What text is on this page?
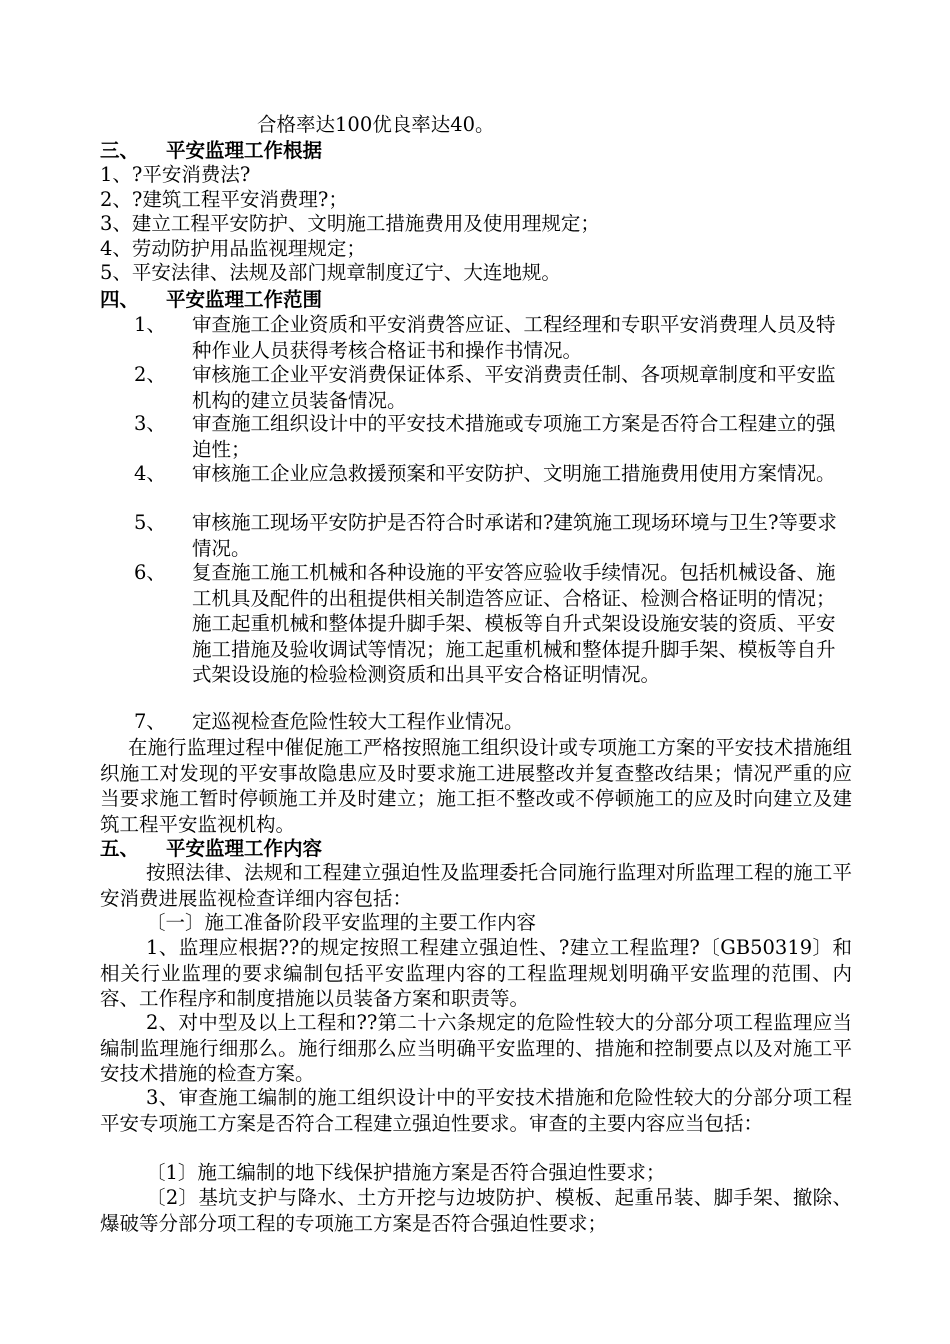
合格率达100优良率达40。
三、 平安监理工作根据
1、?平安消费法?
2、?建筑工程平安消费理?；
3、建立工程平安防护、文明施工措施费用及使用理规定；
4、劳动防护用品监视理规定；
5、平安法律、法规及部门规章制度辽宁、大连地规。
四、 平安监理工作范围
1、 审查施工企业资质和平安消费答应证、工程经理和专职平安消费理人员及特种作业人员获得考核合格证书和操作书情况。
2、 审核施工企业平安消费保证体系、平安消费责任制、各项规章制度和平安监机构的建立员装备情况。
3、 审查施工组织设计中的平安技术措施或专项施工方案是否符合工程建立的强迫性；
4、 审核施工企业应急救援预案和平安防护、文明施工措施费用使用方案情况。
5、 审核施工现场平安防护是否符合时承诺和?建筑施工现场环境与卫生?等要求情况。
6、 复查施工施工机械和各种设施的平安答应验收手续情况。包括机械设备、施工机具及配件的出租提供相关制造答应证、合格证、检测合格证明的情况；施工起重机械和整体提升脚手架、模板等自升式架设设施安装的资质、平安施工措施及验收调试等情况；施工起重机械和整体提升脚手架、模板等自升式架设设施的检验检测资质和出具平安合格证明情况。
7、 定巡视检查危险性较大工程作业情况。

在施行监理过程中催促施工严格按照施工组织设计或专项施工方案的平安技术措施组织施工对发现的平安事故隐患应及时要求施工进展整改并复查整改结果；情况严重的应当要求施工暂时停顿施工并及时建立；施工拒不整改或不停顿施工的应及时向建立及建筑工程平安监视机构。

五、 平安监理工作内容

按照法律、法规和工程建立强迫性及监理委托合同施行监理对所监理工程的施工平安消费进展监视检查详细内容包括：

〔一〕施工准备阶段平安监理的主要工作内容

1、监理应根据??的规定按照工程建立强迫性、?建立工程监理?〔GB50319〕和相关行业监理的要求编制包括平安监理内容的工程监理规划明确平安监理的范围、内容、工作程序和制度措施以员装备方案和职责等。

2、对中型及以上工程和??第二十六条规定的危险性较大的分部分项工程监理应当编制监理施行细那么。施行细那么应当明确平安监理的、措施和控制要点以及对施工平安技术措施的检查方案。

3、审查施工编制的施工组织设计中的平安技术措施和危险性较大的分部分项工程平安专项施工方案是否符合工程建立强迫性要求。审查的主要内容应当包括：

〔1〕施工编制的地下线保护措施方案是否符合强迫性要求；

〔2〕基坑支护与降水、土方开挖与边坡防护、模板、起重吊装、脚手架、撤除、爆破等分部分项工程的专项施工方案是否符合强迫性要求；
